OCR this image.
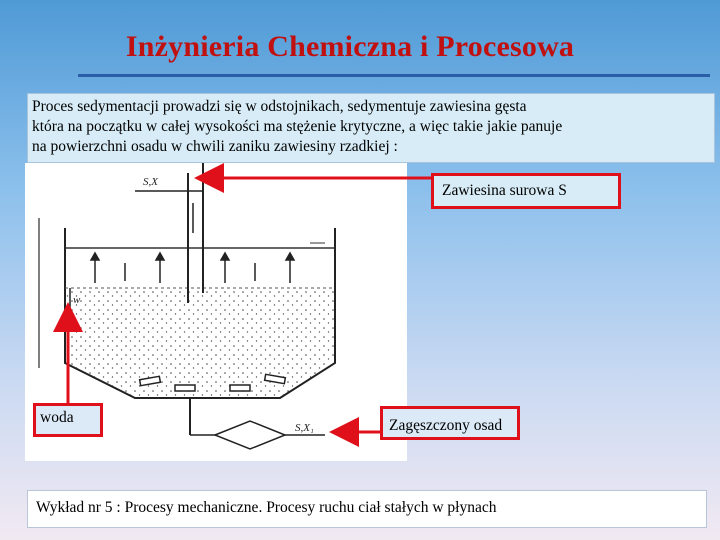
Inżynieria Chemiczna i Procesowa
Proces sedymentacji prowadzi się w odstojnikach, sedymentuje zawiesina gęsta
która na początku w całej wysokości ma stężenie krytyczne, a więc takie jakie panuje
na powierzchni osadu w chwili zaniku zawiesiny rzadkiej :
S,X
w
S,X₁
Zawiesina surowa S
woda	Zagęszczony osad
Wykład nr 5 : Procesy mechaniczne. Procesy ruchu ciał stałych w płynach
